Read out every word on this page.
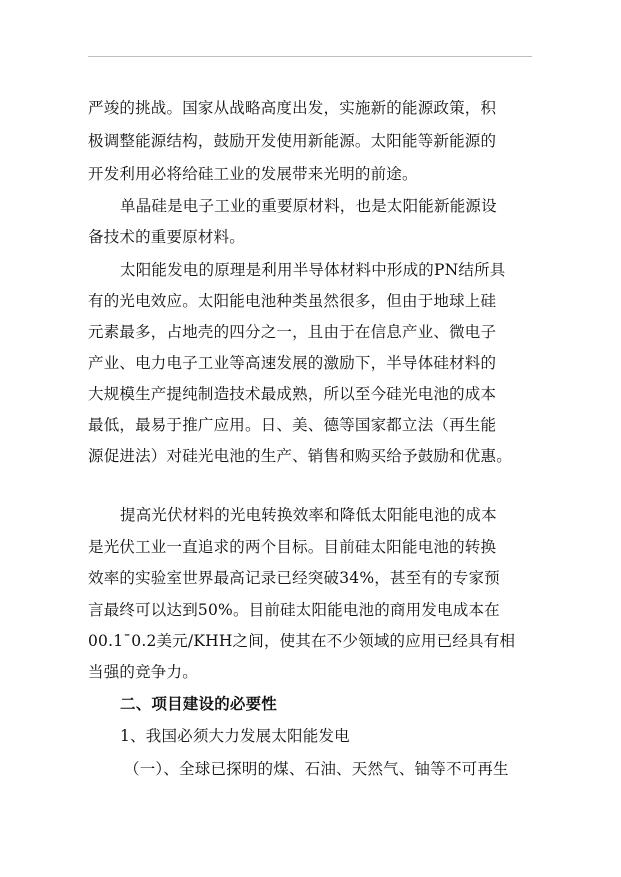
严竣的挑战。国家从战略高度出发，实施新的能源政策，积
极调整能源结构，鼓励开发使用新能源。太阳能等新能源的
开发利用必将给硅工业的发展带来光明的前途。
单晶硅是电子工业的重要原材料，也是太阳能新能源设
备技术的重要原材料。
太阳能发电的原理是利用半导体材料中形成的PN结所具
有的光电效应。太阳能电池种类虽然很多，但由于地球上硅
元素最多，占地壳的四分之一，且由于在信息产业、微电子
产业、电力电子工业等高速发展的激励下，半导体硅材料的
大规模生产提纯制造技术最成熟，所以至今硅光电池的成本
最低，最易于推广应用。日、美、德等国家都立法（再生能
源促进法）对硅光电池的生产、销售和购买给予鼓励和优惠。
提高光伏材料的光电转换效率和降低太阳能电池的成本
是光伏工业一直追求的两个目标。目前硅太阳能电池的转换
效率的实验室世界最高记录已经突破34%，甚至有的专家预
言最终可以达到50%。目前硅太阳能电池的商用发电成本在
00.1¯0.2美元/KHH之间，使其在不少领域的应用已经具有相
当强的竞争力。
二、项目建设的必要性
1、我国必须大力发展太阳能发电
（一）、全球已探明的煤、石油、天然气、铀等不可再生
